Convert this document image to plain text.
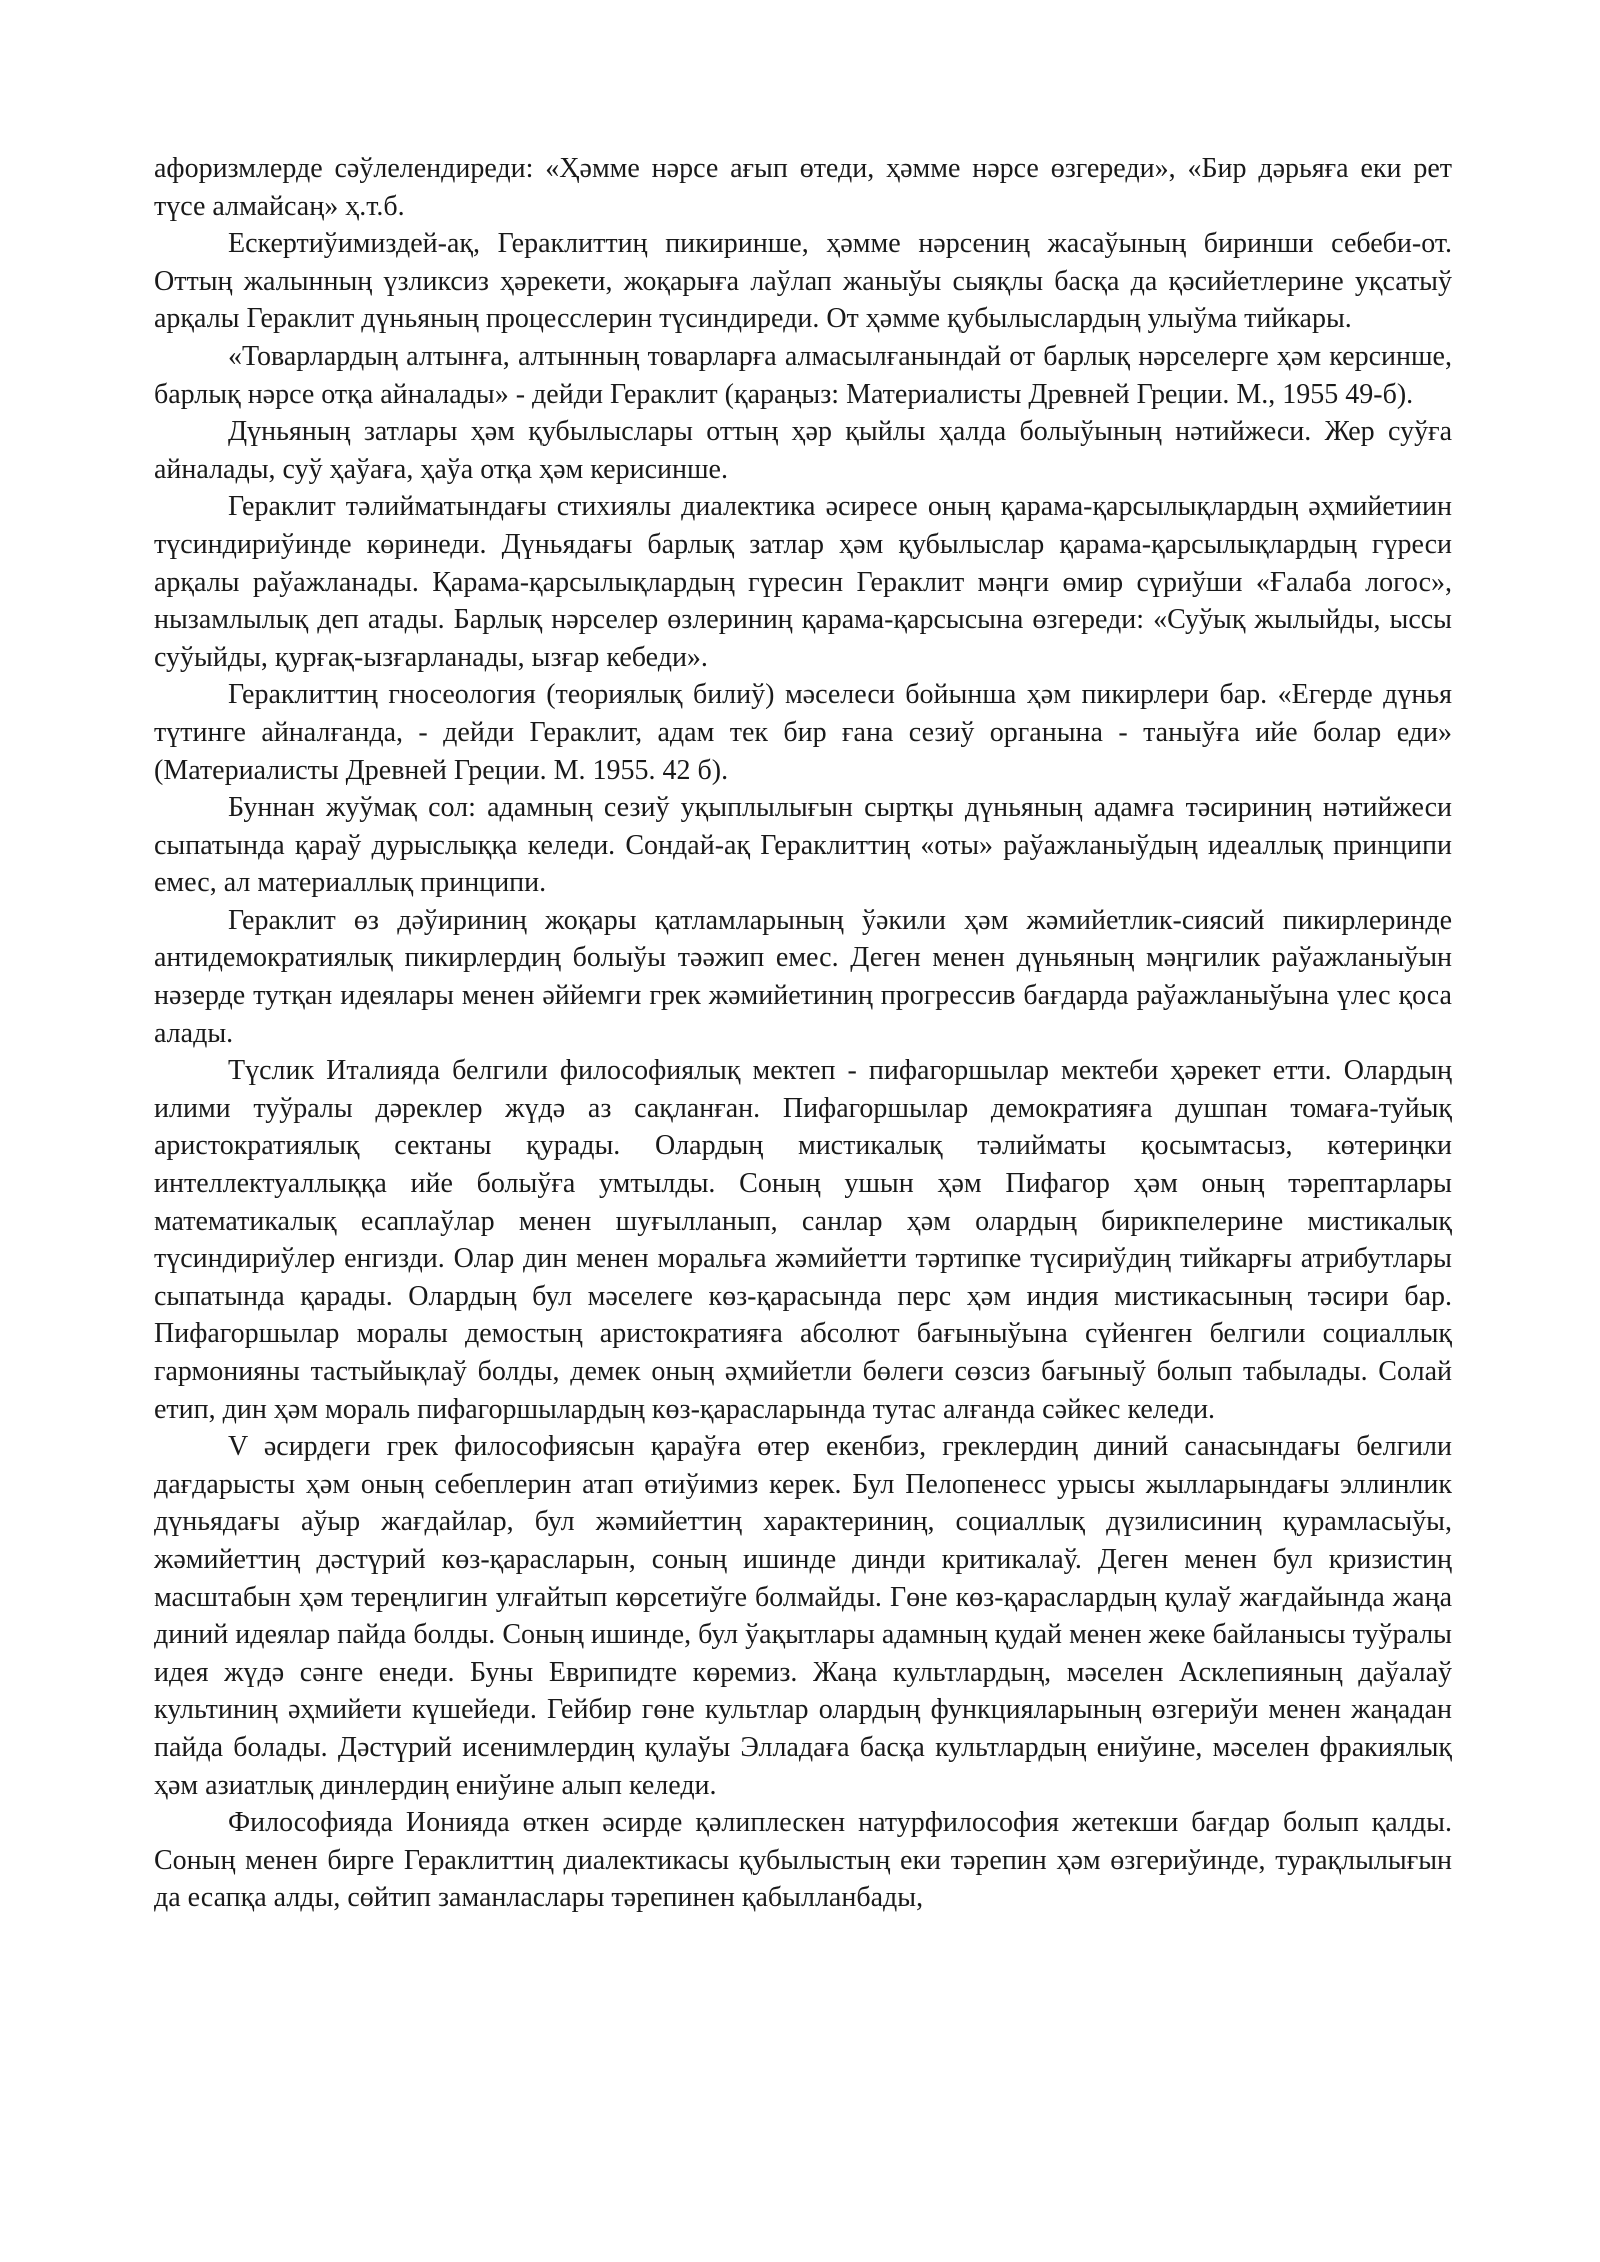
афоризмлерде сәўлелендиреди: «Ҳәмме нәрсе ағып өтеди, ҳәмме нәрсе өзгереди», «Бир дәрьяға еки рет түсе алмайсаң» ҳ.т.б.

Ескертиўимиздей-ақ, Гераклиттиң пикиринше, ҳәмме нәрсениң жасаўының биринши себеби-от. Оттың жалынның үзликсиз ҳәрекети, жоқарыға лаўлап жаныўы сыяқлы басқа да қәсийетлерине уқсатыў арқалы Гераклит дүньяның процесслерин түсиндиреди. От ҳәмме қубылыслардың улыўма тийкары.

«Товарлардың алтынға, алтынның товарларға алмасылғанындай от барлық нәрселерге ҳәм керсинше, барлық нәрсе отқа айналады» - дейди Гераклит (қараңыз: Материалисты Древней Греции. М., 1955 49-б).

Дүньяның затлары ҳәм қубылыслары оттың ҳәр қыйлы ҳалда болыўының нәтийжеси. Жер суўға айналады, суў ҳаўаға, ҳаўа отқа ҳәм керисинше.

Гераклит тәлийматындағы стихиялы диалектика әсиресе оның қарама-қарсылықлардың әҳмийетиин түсиндириўинде көринеди. Дүньядағы барлық затлар ҳәм қубылыслар қарама-қарсылықлардың гүреси арқалы раўажланады. Қарама-қарсылықлардың гүресин Гераклит мәңги өмир сүриўши «Ғалаба логос», нызамлылық деп атады. Барлық нәрселер өзлериниң қарама-қарсысына өзгереди: «Суўық жылыйды, ыссы суўыйды, қурғақ-ызғарланады, ызғар кебеди».

Гераклиттиң гносеология (теориялық билиў) мәселеси бойынша ҳәм пикирлери бар. «Егерде дүнья түтинге айналғанда, - дейди Гераклит, адам тек бир ғана сезиў органына - таныўға ийе болар еди» (Материалисты Древней Греции. М. 1955. 42 б).

Буннан жуўмақ сол: адамның сезиў уқыплылығын сыртқы дүньяның адамға тәсириниң нәтийжеси сыпатында қараў дурыслыққа келеди. Сондай-ақ Гераклиттиң «оты» раўажланыўдың идеаллық принципи емес, ал материаллық принципи.

Гераклит өз дәўириниң жоқары қатламларының ўәкили ҳәм жәмийетлик-сиясий пикирлеринде антидемократиялық пикирлердиң болыўы тәәжип емес. Деген менен дүньяның мәңгилик раўажланыўын нәзерде тутқан идеялары менен әййемги грек жәмийетиниң прогрессив бағдарда раўажланыўына үлес қоса алады.

Түслик Италияда белгили философиялық мектеп - пифагоршылар мектеби ҳәрекет етти. Олардың илими туўралы дәреклер жүдә аз сақланған. Пифагоршылар демократияға душпан томаға-туйық аристократиялық сектаны қурады. Олардың мистикалық тәлийматы қосымтасыз, көтериңки интеллектуаллыққа ийе болыўға умтылды. Соның ушын ҳәм Пифагор ҳәм оның тәрептарлары математикалық есаплаўлар менен шуғылланып, санлар ҳәм олардың бирикпелерине мистикалық түсиндириўлер енгизди. Олар дин менен моральға жәмийетти тәртипке түсириўдиң тийкарғы атрибутлары сыпатында қарады. Олардың бул мәселеге көз-қарасында перс ҳәм индия мистикасының тәсири бар. Пифагоршылар моралы демостың аристократияға абсолют бағыныўына сүйенген белгили социаллық гармонияны тастыйықлаў болды, демек оның әҳмийетли бөлеги сөзсиз бағыныў болып табылады. Солай етип, дин ҳәм мораль пифагоршылардың көз-қарасларында тутас алғанда сәйкес келеди.

V әсирдеги грек философиясын қараўға өтер екенбиз, греклердиң диний санасындағы белгили дағдарысты ҳәм оның себеплерин атап өтиўимиз керек. Бул Пелопенесс урысы жылларындағы эллинлик дүньядағы аўыр жағдайлар, бул жәмийеттиң характериниң, социаллық дүзилисиниң қурамласыўы, жәмийеттиң дәстүрий көз-қарасларын, соның ишинде динди критикалаў. Деген менен бул кризистиң масштабын ҳәм тереңлигин улғайтып көрсетиўге болмайды. Гөне көз-қараслардың қулаў жағдайында жаңа диний идеялар пайда болды. Соның ишинде, бул ўақытлары адамның қудай менен жеке байланысы туўралы идея жүдә сәнге енеди. Буны Еврипидте көремиз. Жаңа культлардың, мәселен Асклепияның даўалаў культиниң әҳмийети күшейеди. Гейбир гөне культлар олардың функцияларының өзгериўи менен жаңадан пайда болады. Дәстүрий исенимлердиң қулаўы Элладаға басқа культлардың ениўине, мәселен фракиялық ҳәм азиатлық динлердиң ениўине алып келеди.

Философияда Ионияда өткен әсирде қәлиплескен натурфилософия жетекши бағдар болып қалды. Соның менен бирге Гераклиттиң диалектикасы қубылыстың еки тәрепин ҳәм өзгериўинде, турақлылығын да есапқа алды, сөйтип заманласлары тәрепинен қабылланбады,
